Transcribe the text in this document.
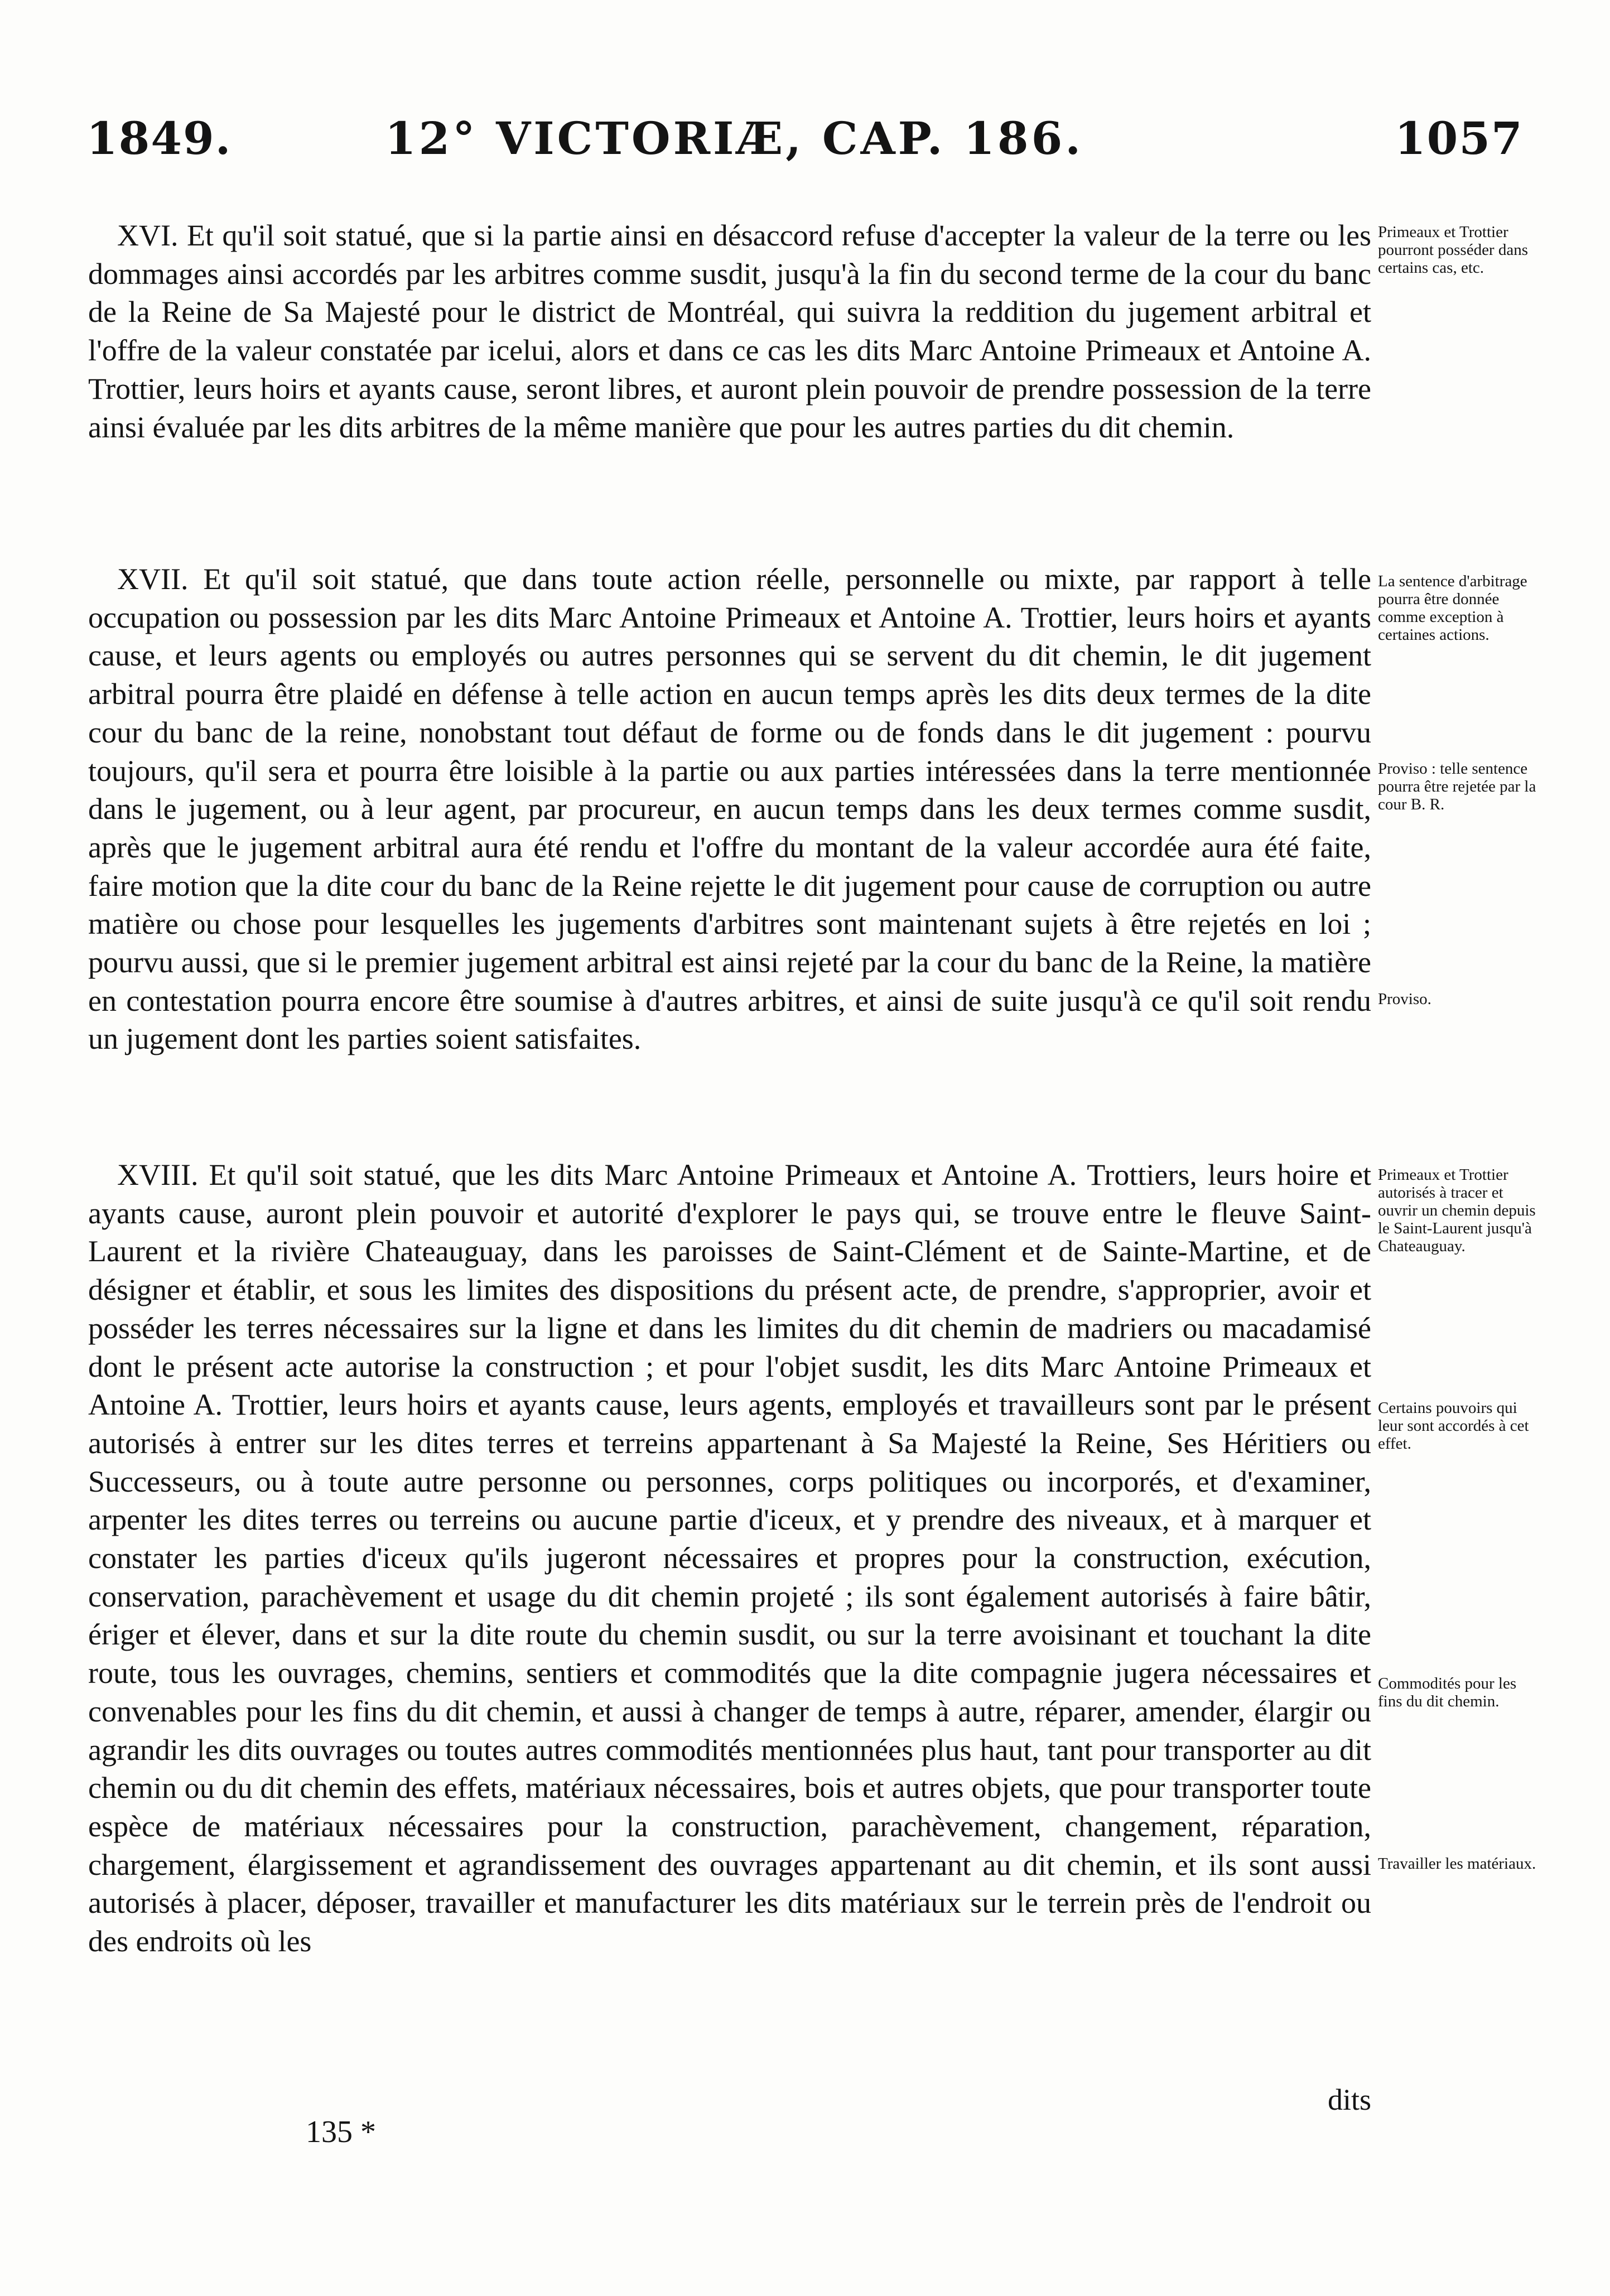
1849.	12° VICTORIÆ, CAP. 186.	1057

XVI. Et qu'il soit statué, que si la partie ainsi en désaccord refuse d'accepter la valeur de la terre ou les dommages ainsi accordés par les arbitres comme susdit, jusqu'à la fin du second terme de la cour du banc de la Reine de Sa Majesté pour le district de Montréal, qui suivra la reddition du jugement arbitral et l'offre de la valeur constatée par icelui, alors et dans ce cas les dits Marc Antoine Primeaux et Antoine A. Trottier, leurs hoirs et ayants cause, seront libres, et auront plein pouvoir de prendre possession de la terre ainsi évaluée par les dits arbitres de la même manière que pour les autres parties du dit chemin.

XVII. Et qu'il soit statué, que dans toute action réelle, personnelle ou mixte, par rapport à telle occupation ou possession par les dits Marc Antoine Primeaux et Antoine A. Trottier, leurs hoirs et ayants cause, et leurs agents ou employés ou autres personnes qui se servent du dit chemin, le dit jugement arbitral pourra être plaidé en défense à telle action en aucun temps après les dits deux termes de la dite cour du banc de la reine, nonobstant tout défaut de forme ou de fonds dans le dit jugement : pourvu toujours, qu'il sera et pourra être loisible à la partie ou aux parties intéressées dans la terre mentionnée dans le jugement, ou à leur agent, par procureur, en aucun temps dans les deux termes comme susdit, après que le jugement arbitral aura été rendu et l'offre du montant de la valeur accordée aura été faite, faire motion que la dite cour du banc de la Reine rejette le dit jugement pour cause de corruption ou autre matière ou chose pour lesquelles les jugements d'arbitres sont maintenant sujets à être rejetés en loi ; pourvu aussi, que si le premier jugement arbitral est ainsi rejeté par la cour du banc de la Reine, la matière en contestation pourra encore être soumise à d'autres arbitres, et ainsi de suite jusqu'à ce qu'il soit rendu un jugement dont les parties soient satisfaites.

XVIII. Et qu'il soit statué, que les dits Marc Antoine Primeaux et Antoine A. Trottiers, leurs hoire et ayants cause, auront plein pouvoir et autorité d'explorer le pays qui, se trouve entre le fleuve Saint-Laurent et la rivière Chateauguay, dans les paroisses de Saint-Clément et de Sainte-Martine, et de désigner et établir, et sous les limites des dispositions du présent acte, de prendre, s'approprier, avoir et posséder les terres nécessaires sur la ligne et dans les limites du dit chemin de madriers ou macadamisé dont le présent acte autorise la construction ; et pour l'objet susdit, les dits Marc Antoine Primeaux et Antoine A. Trottier, leurs hoirs et ayants cause, leurs agents, employés et travailleurs sont par le présent autorisés à entrer sur les dites terres et terreins appartenant à Sa Majesté la Reine, Ses Héritiers ou Successeurs, ou à toute autre personne ou personnes, corps politiques ou incorporés, et d'examiner, arpenter les dites terres ou terreins ou aucune partie d'iceux, et y prendre des niveaux, et à marquer et constater les parties d'iceux qu'ils jugeront nécessaires et propres pour la construction, exécution, conservation, parachèvement et usage du dit chemin projeté ; ils sont également autorisés à faire bâtir, ériger et élever, dans et sur la dite route du chemin susdit, ou sur la terre avoisinant et touchant la dite route, tous les ouvrages, chemins, sentiers et commodités que la dite compagnie jugera nécessaires et convenables pour les fins du dit chemin, et aussi à changer de temps à autre, réparer, amender, élargir ou agrandir les dits ouvrages ou toutes autres commodités mentionnées plus haut, tant pour transporter au dit chemin ou du dit chemin des effets, matériaux nécessaires, bois et autres objets, que pour transporter toute espèce de matériaux nécessaires pour la construction, parachèvement, changement, réparation, chargement, élargissement et agrandissement des ouvrages appartenant au dit chemin, et ils sont aussi autorisés à placer, déposer, travailler et manufacturer les dits matériaux sur le terrein près de l'endroit ou des endroits où les

Primeaux et Trottier pourront posséder dans certains cas, etc.

La sentence d'arbitrage pourra être donnée comme exception à certaines actions.

Proviso : telle sentence pourra être rejetée par la cour B. R.

Proviso.

Primeaux et Trottier autorisés à tracer et ouvrir un chemin depuis le Saint-Laurent jusqu'à Chateauguay.

Certains pouvoirs qui leur sont accordés à cet effet.

Commodités pour les fins du dit chemin.

Travailler les matériaux.

dits
135 *
